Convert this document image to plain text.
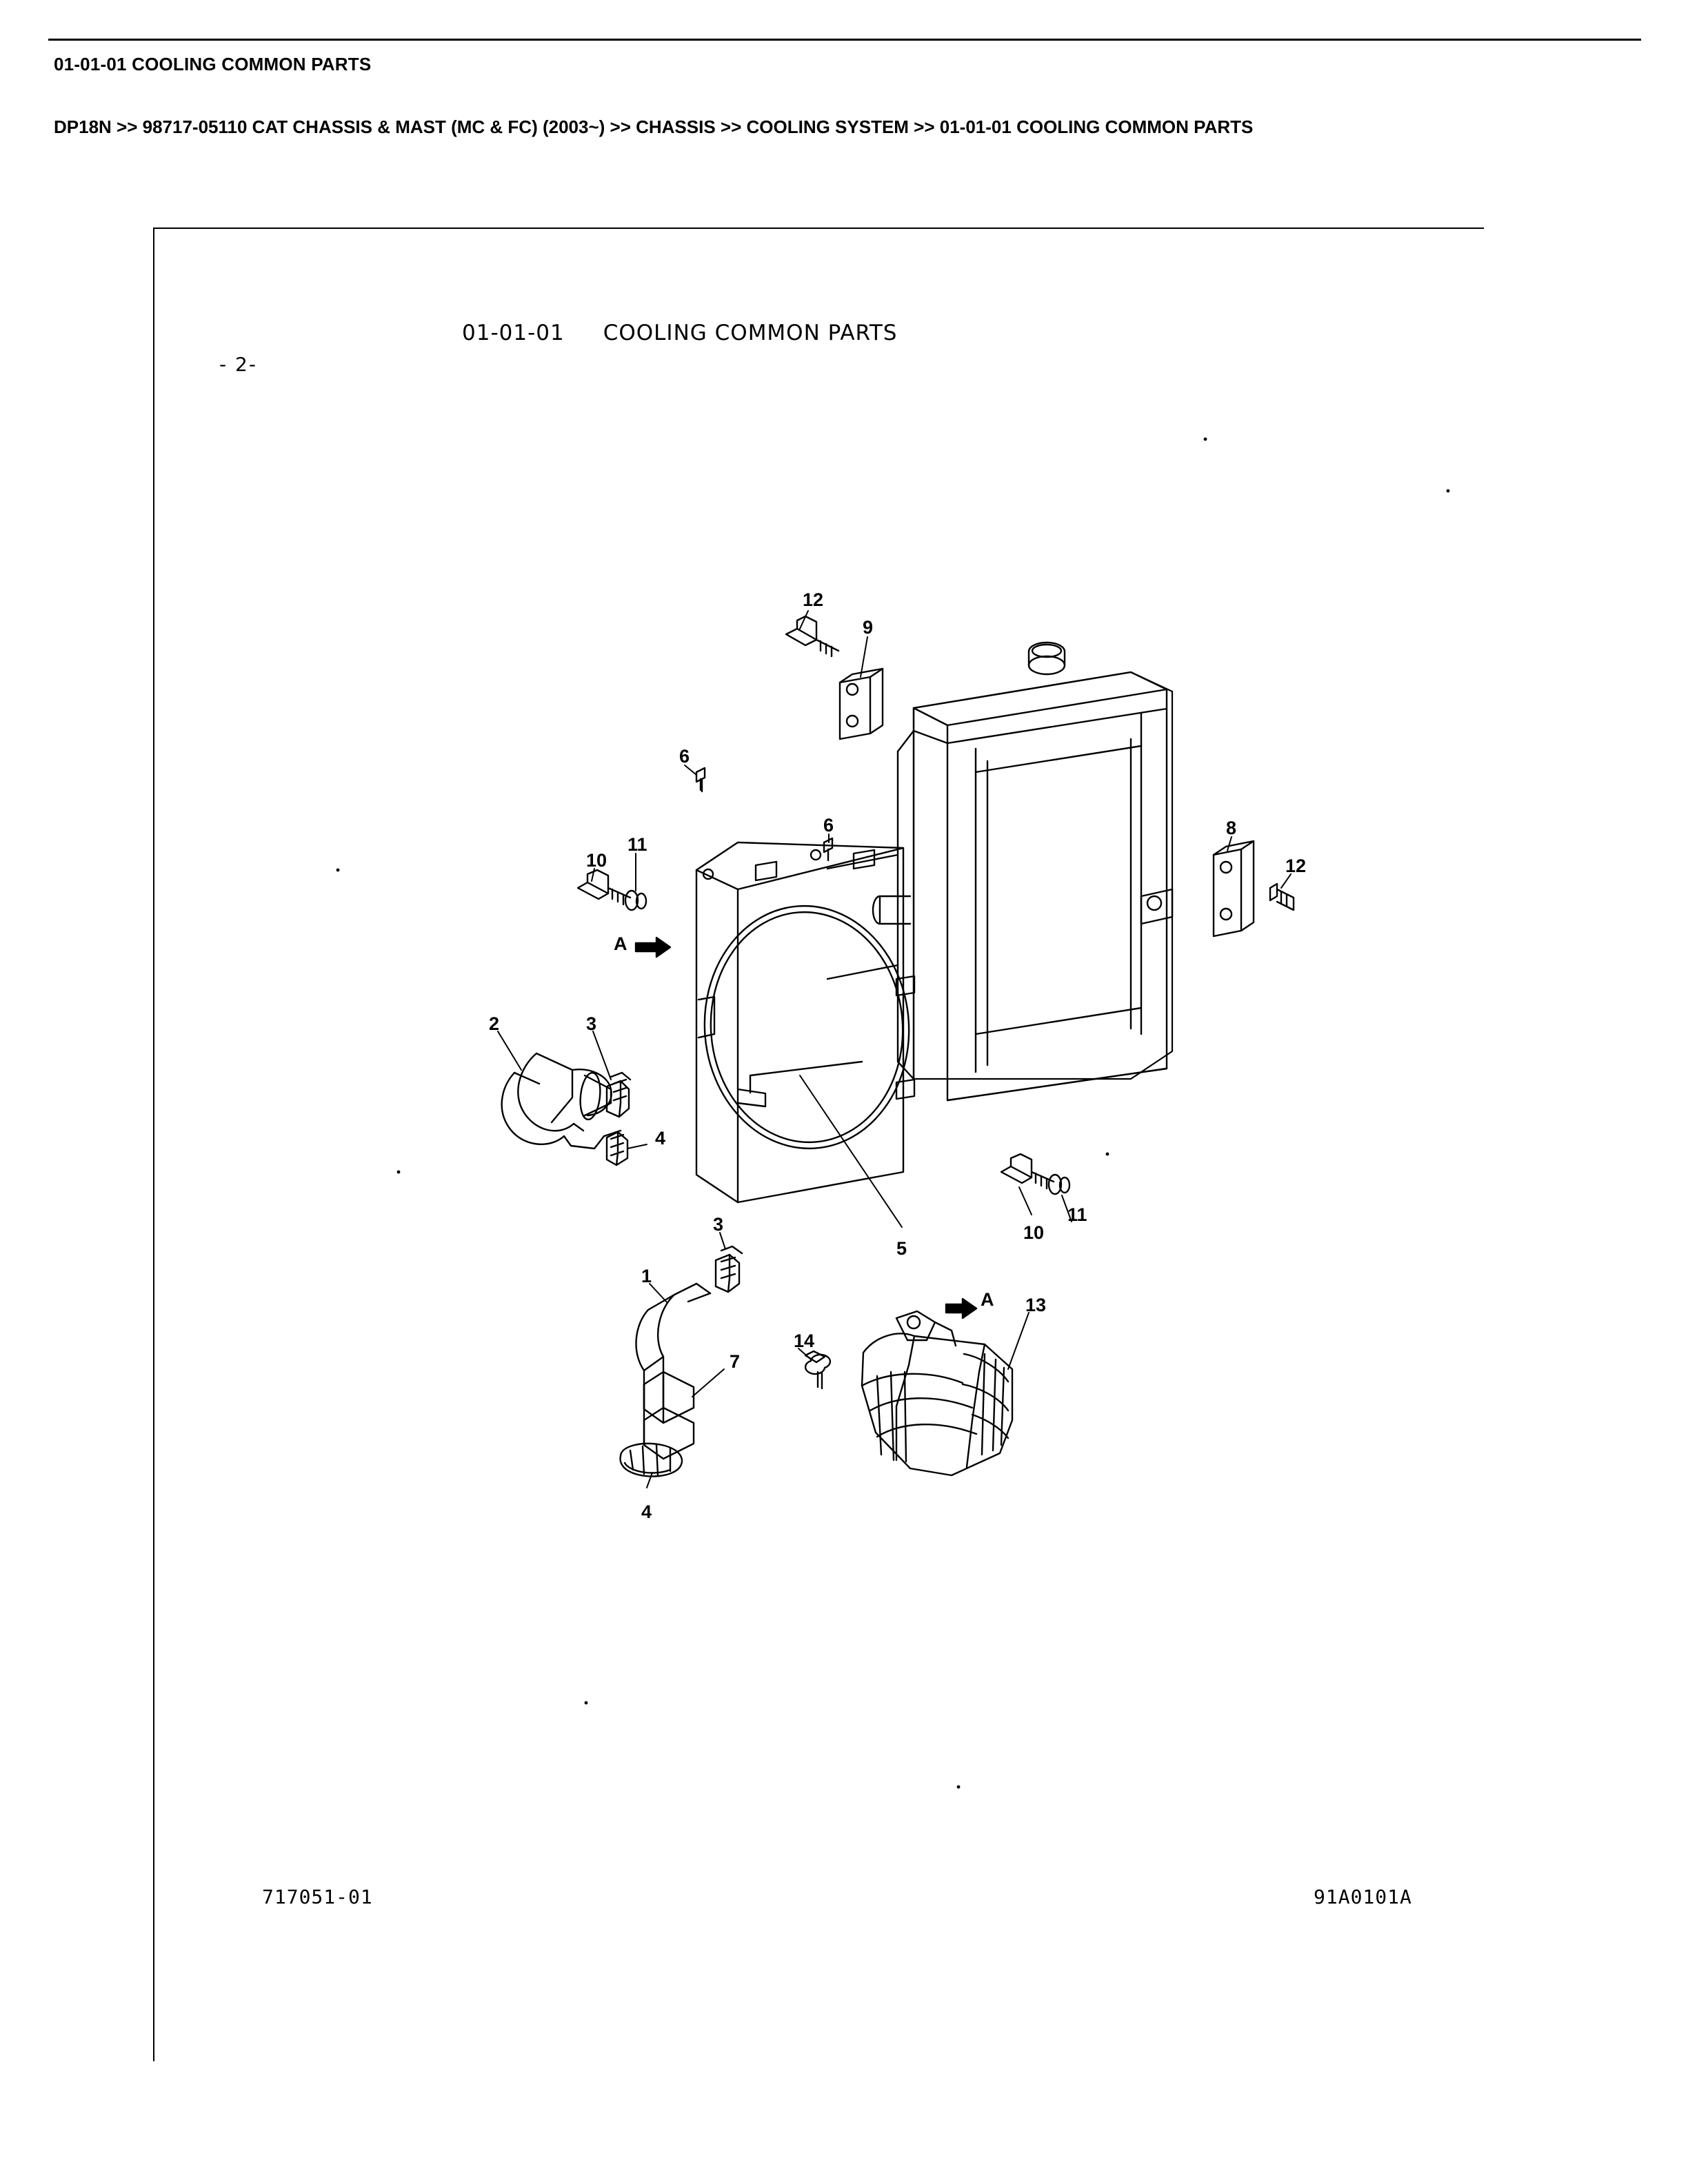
01-01-01 COOLING COMMON PARTS
DP18N >> 98717-05110 CAT CHASSIS & MAST (MC & FC) (2003~) >> CHASSIS >> COOLING SYSTEM >> 01-01-01 COOLING COMMON PARTS
01-01-01 COOLING COMMON PARTS
- 2-
717051-01	91A0101A
12
9
6
6	8
12
10
11
2	3
4
5
10
11
3
1
7
14
13
4
A
A
